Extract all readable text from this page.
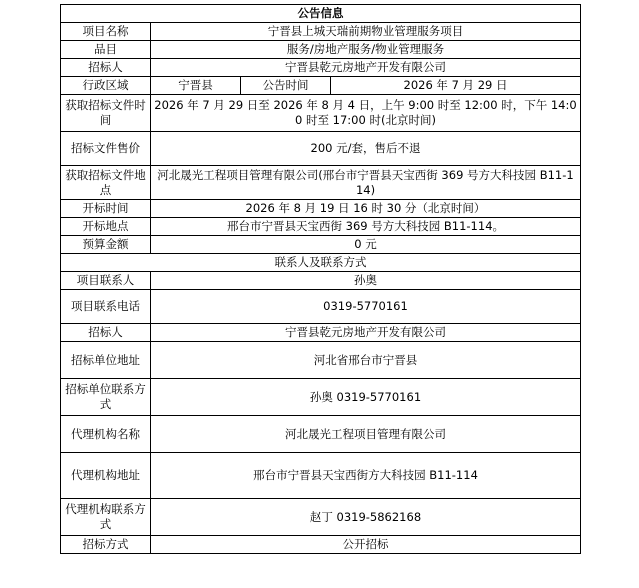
公告信息			
项目名称	宁晋县上城天瑞前期物业管理服务项目		
品目	服务/房地产服务/物业管理服务		
招标人	宁晋县乾元房地产开发有限公司		
行政区域	宁晋县	公告时间	2026 年 7 月 29 日
获取招标文件时间	2026 年 7 月 29 日至 2026 年 8 月 4 日，上午 9:00 时至 12:00 时，下午 14:00 时至 17:00 时(北京时间)		
招标文件售价	200 元/套，售后不退		
获取招标文件地点	河北晟光工程项目管理有限公司(邢台市宁晋县天宝西街 369 号方大科技园 B11-114)		
开标时间	2026 年 8 月 19 日 16 时 30 分（北京时间）		
开标地点	邢台市宁晋县天宝西街 369 号方大科技园 B11-114。		
预算金额	0 元		
联系人及联系方式			
项目联系人	孙奥		
项目联系电话	0319-5770161		
招标人	宁晋县乾元房地产开发有限公司		
招标单位地址	河北省邢台市宁晋县		
招标单位联系方式	孙奥 0319-5770161		
代理机构名称	河北晟光工程项目管理有限公司		
代理机构地址	邢台市宁晋县天宝西街方大科技园 B11-114		
代理机构联系方式	赵丁 0319-5862168		
招标方式	公开招标		
